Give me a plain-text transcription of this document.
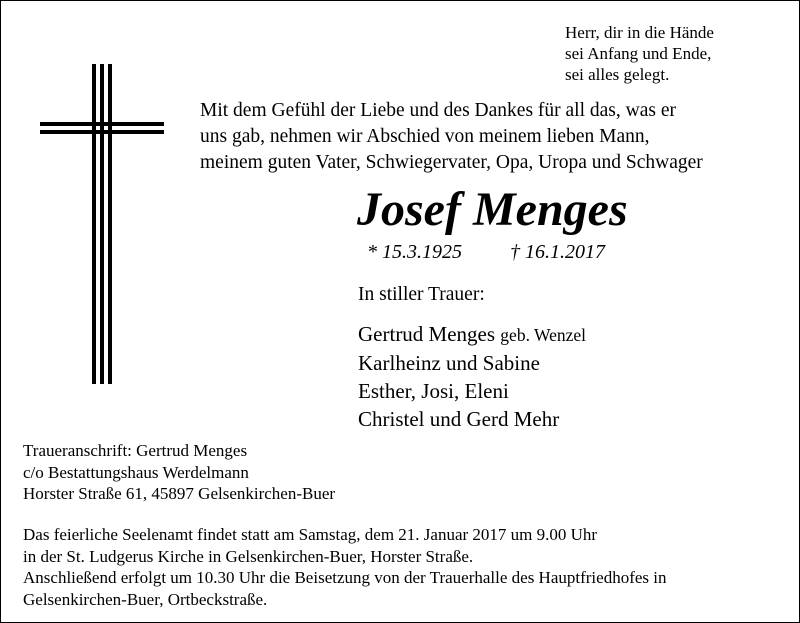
Herr, dir in die Hände
sei Anfang und Ende,
sei alles gelegt.
Mit dem Gefühl der Liebe und des Dankes für all das, was er
uns gab, nehmen wir Abschied von meinem lieben Mann,
meinem guten Vater, Schwiegervater, Opa, Uropa und Schwager
Josef Menges
* 15.3.1925 † 16.1.2017
In stiller Trauer:
Gertrud Menges geb. Wenzel
Karlheinz und Sabine
Esther, Josi, Eleni
Christel und Gerd Mehr
Traueranschrift: Gertrud Menges
c/o Bestattungshaus Werdelmann
Horster Straße 61, 45897 Gelsenkirchen-Buer
Das feierliche Seelenamt findet statt am Samstag, dem 21. Januar 2017 um 9.00 Uhr
in der St. Ludgerus Kirche in Gelsenkirchen-Buer, Horster Straße.
Anschließend erfolgt um 10.30 Uhr die Beisetzung von der Trauerhalle des Hauptfriedhofes in
Gelsenkirchen-Buer, Ortbeckstraße.
